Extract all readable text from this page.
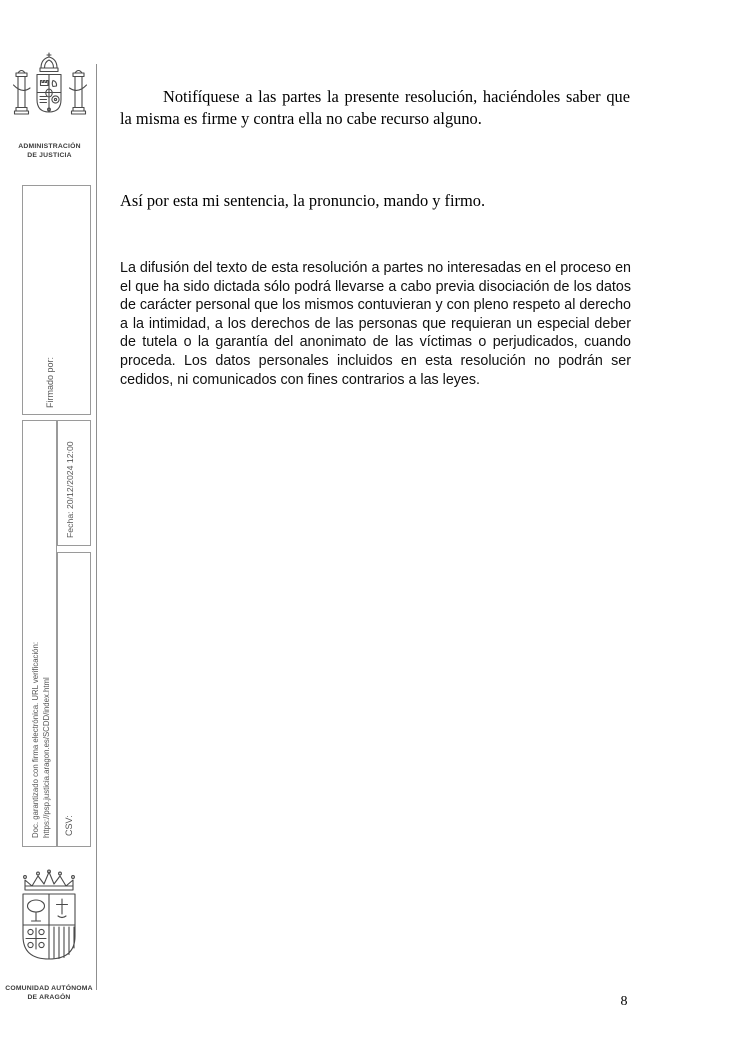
ADMINISTRACIÓN
DE JUSTICIA
Firmado por:
Fecha: 20/12/2024 12:00
Doc. garantizado con firma electrónica. URL verificación: https://psp.justicia.aragon.es/SCDD/index.html CSV:
COMUNIDAD AUTÓNOMA
DE ARAGÓN

Notifíquese a las partes la presente resolución, haciéndoles saber que la misma es firme y contra ella no cabe recurso alguno.

Así por esta mi sentencia, la pronuncio, mando y firmo.

La difusión del texto de esta resolución a partes no interesadas en el proceso en el que ha sido dictada sólo podrá llevarse a cabo previa disociación de los datos de carácter personal que los mismos contuvieran y con pleno respeto al derecho a la intimidad, a los derechos de las personas que requieran un especial deber de tutela o la garantía del anonimato de las víctimas o perjudicados, cuando proceda. Los datos personales incluidos en esta resolución no podrán ser cedidos, ni comunicados con fines contrarios a las leyes.

8
